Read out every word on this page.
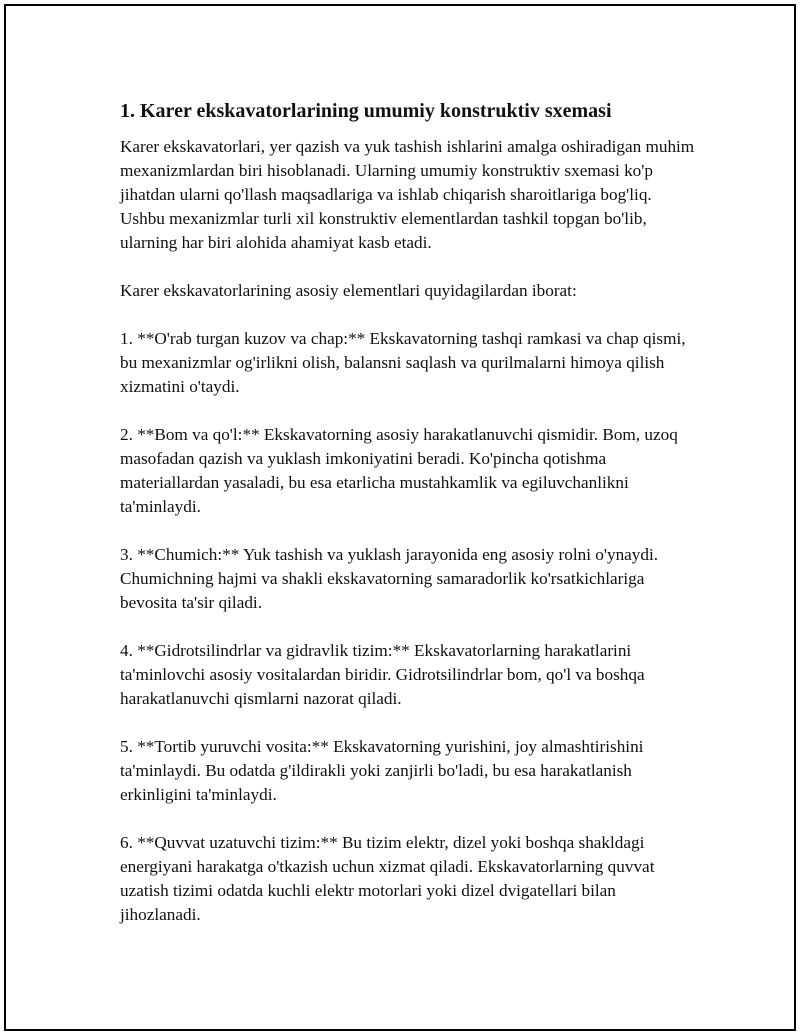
1. Karer ekskavatorlarining umumiy konstruktiv sxemasi

Karer ekskavatorlari, yer qazish va yuk tashish ishlarini amalga oshiradigan muhim mexanizmlardan biri hisoblanadi. Ularning umumiy konstruktiv sxemasi ko'p jihatdan ularni qo'llash maqsadlariga va ishlab chiqarish sharoitlariga bog'liq. Ushbu mexanizmlar turli xil konstruktiv elementlardan tashkil topgan bo'lib, ularning har biri alohida ahamiyat kasb etadi.

Karer ekskavatorlarining asosiy elementlari quyidagilardan iborat:

1. **O'rab turgan kuzov va chap:** Ekskavatorning tashqi ramkasi va chap qismi, bu mexanizmlar og'irlikni olish, balansni saqlash va qurilmalarni himoya qilish xizmatini o'taydi.

2. **Bom va qo'l:** Ekskavatorning asosiy harakatlanuvchi qismidir. Bom, uzoq masofadan qazish va yuklash imkoniyatini beradi. Ko'pincha qotishma materiallardan yasaladi, bu esa etarlicha mustahkamlik va egiluvchanlikni ta'minlaydi.

3. **Chumich:** Yuk tashish va yuklash jarayonida eng asosiy rolni o'ynaydi. Chumichning hajmi va shakli ekskavatorning samaradorlik ko'rsatkichlariga bevosita ta'sir qiladi.

4. **Gidrotsilindrlar va gidravlik tizim:** Ekskavatorlarning harakatlarini ta'minlovchi asosiy vositalardan biridir. Gidrotsilindrlar bom, qo'l va boshqa harakatlanuvchi qismlarni nazorat qiladi.

5. **Tortib yuruvchi vosita:** Ekskavatorning yurishini, joy almashtirishini ta'minlaydi. Bu odatda g'ildirakli yoki zanjirli bo'ladi, bu esa harakatlanish erkinligini ta'minlaydi.

6. **Quvvat uzatuvchi tizim:** Bu tizim elektr, dizel yoki boshqa shakldagi energiyani harakatga o'tkazish uchun xizmat qiladi. Ekskavatorlarning quvvat uzatish tizimi odatda kuchli elektr motorlari yoki dizel dvigatellari bilan jihozlanadi.
